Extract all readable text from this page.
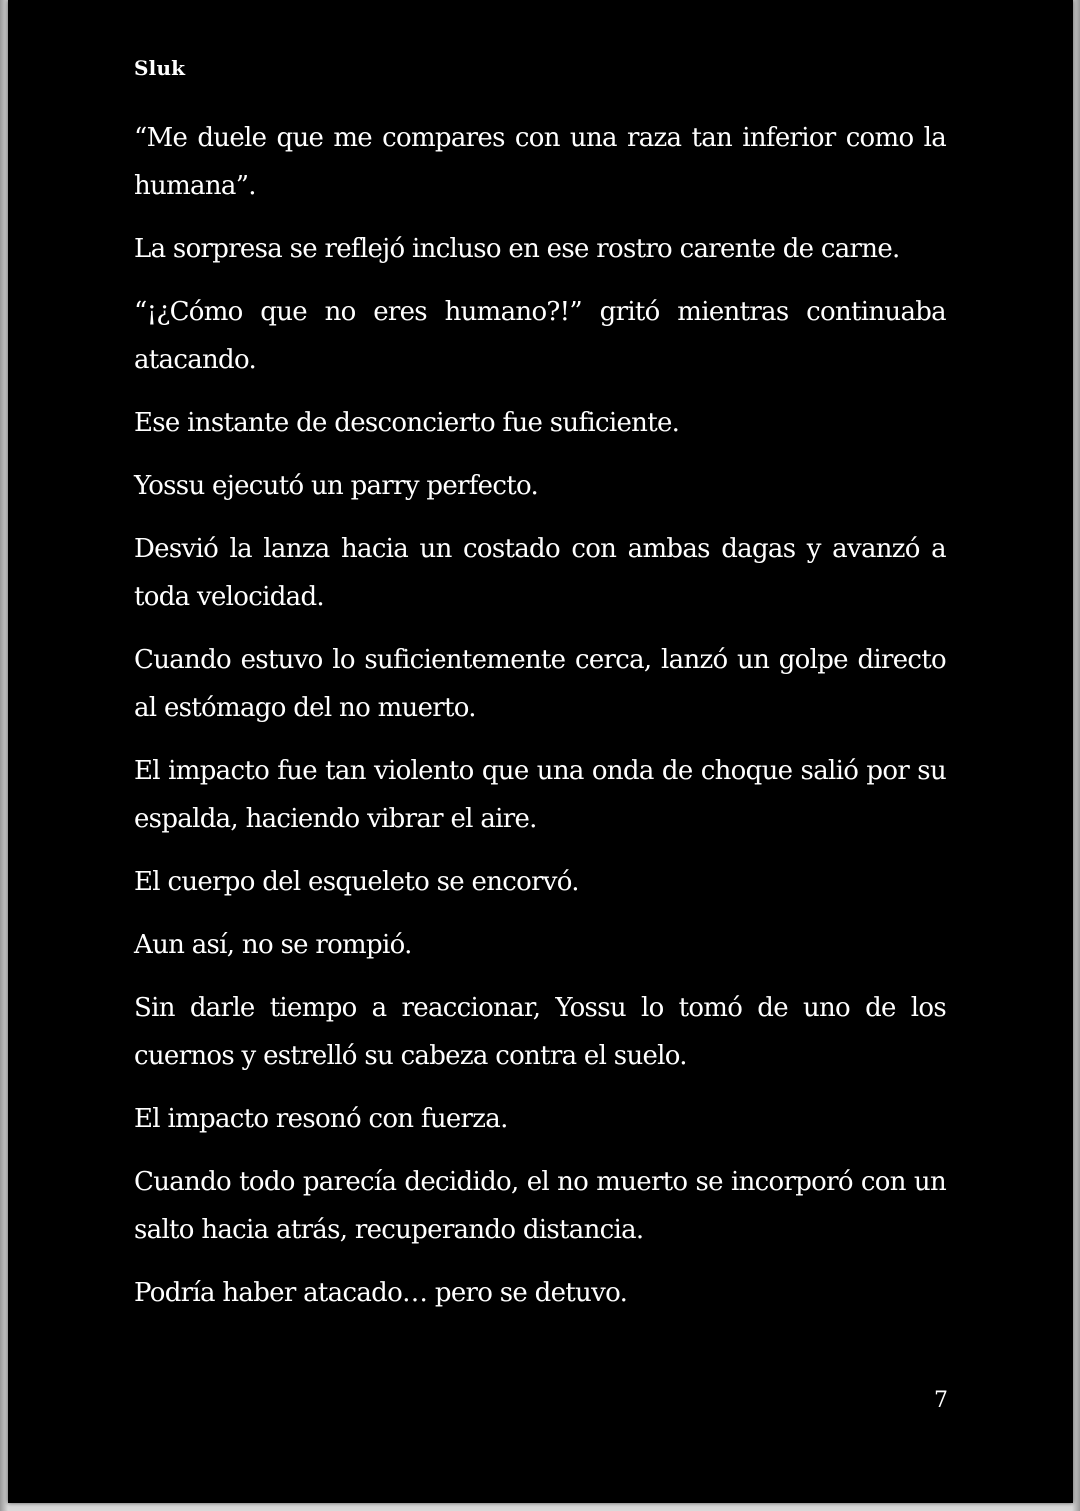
Sluk

“Me duele que me compares con una raza tan inferior como la humana”.

La sorpresa se reflejó incluso en ese rostro carente de carne.

“¡¿Cómo que no eres humano?!” gritó mientras continuaba atacando.

Ese instante de desconcierto fue suficiente.

Yossu ejecutó un parry perfecto.

Desvió la lanza hacia un costado con ambas dagas y avanzó a toda velocidad.

Cuando estuvo lo suficientemente cerca, lanzó un golpe directo al estómago del no muerto.

El impacto fue tan violento que una onda de choque salió por su espalda, haciendo vibrar el aire.

El cuerpo del esqueleto se encorvó.

Aun así, no se rompió.

Sin darle tiempo a reaccionar, Yossu lo tomó de uno de los cuernos y estrelló su cabeza contra el suelo.

El impacto resonó con fuerza.

Cuando todo parecía decidido, el no muerto se incorporó con un salto hacia atrás, recuperando distancia.

Podría haber atacado… pero se detuvo.

7
